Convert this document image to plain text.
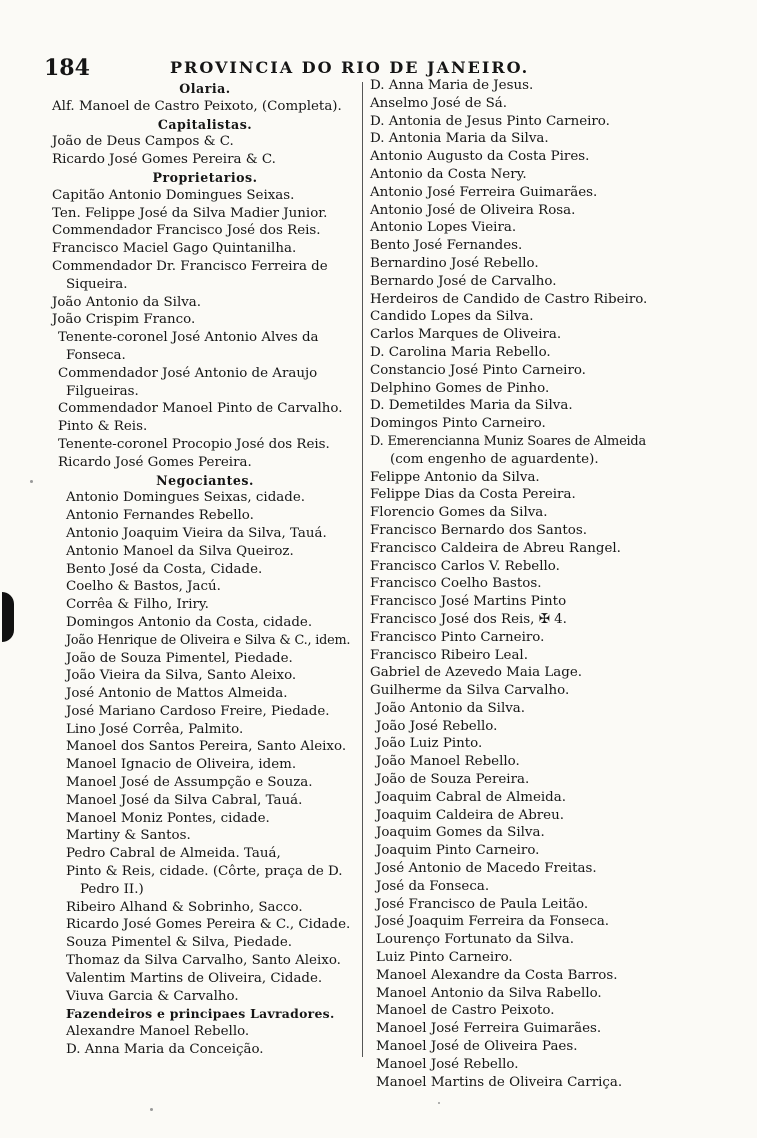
184	PROVINCIA DO RIO DE JANEIRO.
Olaria.
Alf. Manoel de Castro Peixoto, (Completa).
Capitalistas.
João de Deus Campos & C.
Ricardo José Gomes Pereira & C.
Proprietarios.
Capitão Antonio Domingues Seixas.
Ten. Felippe José da Silva Madier Junior.
Commendador Francisco José dos Reis.
Francisco Maciel Gago Quintanilha.
Commendador Dr. Francisco Ferreira de
Siqueira.
João Antonio da Silva.
João Crispim Franco.
Tenente-coronel José Antonio Alves da
Fonseca.
Commendador José Antonio de Araujo
Filgueiras.
Commendador Manoel Pinto de Carvalho.
Pinto & Reis.
Tenente-coronel Procopio José dos Reis.
Ricardo José Gomes Pereira.
Negociantes.
Antonio Domingues Seixas, cidade.
Antonio Fernandes Rebello.
Antonio Joaquim Vieira da Silva, Tauá.
Antonio Manoel da Silva Queiroz.
Bento José da Costa, Cidade.
Coelho & Bastos, Jacú.
Corrêa & Filho, Iriry.
Domingos Antonio da Costa, cidade.
João Henrique de Oliveira e Silva & C., idem.
João de Souza Pimentel, Piedade.
João Vieira da Silva, Santo Aleixo.
José Antonio de Mattos Almeida.
José Mariano Cardoso Freire, Piedade.
Lino José Corrêa, Palmito.
Manoel dos Santos Pereira, Santo Aleixo.
Manoel Ignacio de Oliveira, idem.
Manoel José de Assumpção e Souza.
Manoel José da Silva Cabral, Tauá.
Manoel Moniz Pontes, cidade.
Martiny & Santos.
Pedro Cabral de Almeida. Tauá,
Pinto & Reis, cidade. (Côrte, praça de D.
Pedro II.)
Ribeiro Alhand & Sobrinho, Sacco.
Ricardo José Gomes Pereira & C., Cidade.
Souza Pimentel & Silva, Piedade.
Thomaz da Silva Carvalho, Santo Aleixo.
Valentim Martins de Oliveira, Cidade.
Viuva Garcia & Carvalho.
Fazendeiros e principaes Lavradores.
Alexandre Manoel Rebello.
D. Anna Maria da Conceição.
D. Anna Maria de Jesus.
Anselmo José de Sá.
D. Antonia de Jesus Pinto Carneiro.
D. Antonia Maria da Silva.
Antonio Augusto da Costa Pires.
Antonio da Costa Nery.
Antonio José Ferreira Guimarães.
Antonio José de Oliveira Rosa.
Antonio Lopes Vieira.
Bento José Fernandes.
Bernardino José Rebello.
Bernardo José de Carvalho.
Herdeiros de Candido de Castro Ribeiro.
Candido Lopes da Silva.
Carlos Marques de Oliveira.
D. Carolina Maria Rebello.
Constancio José Pinto Carneiro.
Delphino Gomes de Pinho.
D. Demetildes Maria da Silva.
Domingos Pinto Carneiro.
D. Emerencianna Muniz Soares de Almeida
(com engenho de aguardente).
Felippe Antonio da Silva.
Felippe Dias da Costa Pereira.
Florencio Gomes da Silva.
Francisco Bernardo dos Santos.
Francisco Caldeira de Abreu Rangel.
Francisco Carlos V. Rebello.
Francisco Coelho Bastos.
Francisco José Martins Pinto
Francisco José dos Reis, ✠ 4.
Francisco Pinto Carneiro.
Francisco Ribeiro Leal.
Gabriel de Azevedo Maia Lage.
Guilherme da Silva Carvalho.
João Antonio da Silva.
João José Rebello.
João Luiz Pinto.
João Manoel Rebello.
João de Souza Pereira.
Joaquim Cabral de Almeida.
Joaquim Caldeira de Abreu.
Joaquim Gomes da Silva.
Joaquim Pinto Carneiro.
José Antonio de Macedo Freitas.
José da Fonseca.
José Francisco de Paula Leitão.
José Joaquim Ferreira da Fonseca.
Lourenço Fortunato da Silva.
Luiz Pinto Carneiro.
Manoel Alexandre da Costa Barros.
Manoel Antonio da Silva Rabello.
Manoel de Castro Peixoto.
Manoel José Ferreira Guimarães.
Manoel José de Oliveira Paes.
Manoel José Rebello.
Manoel Martins de Oliveira Carriça.
